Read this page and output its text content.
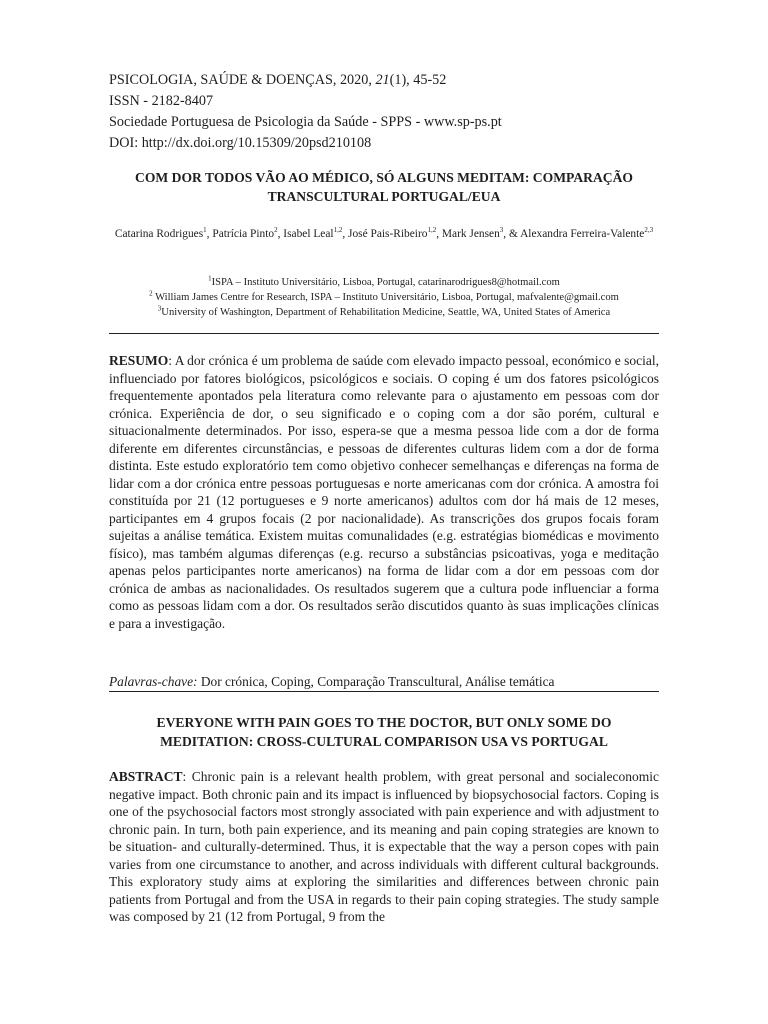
PSICOLOGIA, SAÚDE & DOENÇAS, 2020, 21(1), 45-52
ISSN - 2182-8407
Sociedade Portuguesa de Psicologia da Saúde - SPPS - www.sp-ps.pt
DOI: http://dx.doi.org/10.15309/20psd210108
COM DOR TODOS VÃO AO MÉDICO, SÓ ALGUNS MEDITAM: COMPARAÇÃO
TRANSCULTURAL PORTUGAL/EUA
Catarina Rodrigues$^1$, Patrícia Pinto$^2$, Isabel Leal$^{1,2}$, José Pais-Ribeiro$^{1,2}$, Mark Jensen$^3$, & Alexandra Ferreira-Valente$^{2,3}$
$^1$ISPA – Instituto Universitário, Lisboa, Portugal, catarinarodrigues8@hotmail.com
$^2$ William James Centre for Research, ISPA – Instituto Universitário, Lisboa, Portugal, mafvalente@gmail.com
$^3$University of Washington, Department of Rehabilitation Medicine, Seattle, WA, United States of America
RESUMO: A dor crónica é um problema de saúde com elevado impacto pessoal, económico e social, influenciado por fatores biológicos, psicológicos e sociais. O coping é um dos fatores psicológicos frequentemente apontados pela literatura como relevante para o ajustamento em pessoas com dor crónica. Experiência de dor, o seu significado e o coping com a dor são porém, cultural e situacionalmente determinados. Por isso, espera-se que a mesma pessoa lide com a dor de forma diferente em diferentes circunstâncias, e pessoas de diferentes culturas lidem com a dor de forma distinta. Este estudo exploratório tem como objetivo conhecer semelhanças e diferenças na forma de lidar com a dor crónica entre pessoas portuguesas e norte americanas com dor crónica. A amostra foi constituída por 21 (12 portugueses e 9 norte americanos) adultos com dor há mais de 12 meses, participantes em 4 grupos focais (2 por nacionalidade). As transcrições dos grupos focais foram sujeitas a análise temática. Existem muitas comunalidades (e.g. estratégias biomédicas e movimento físico), mas também algumas diferenças (e.g. recurso a substâncias psicoativas, yoga e meditação apenas pelos participantes norte americanos) na forma de lidar com a dor em pessoas com dor crónica de ambas as nacionalidades. Os resultados sugerem que a cultura pode influenciar a forma como as pessoas lidam com a dor. Os resultados serão discutidos quanto às suas implicações clínicas e para a investigação.
Palavras-chave: Dor crónica, Coping, Comparação Transcultural, Análise temática
EVERYONE WITH PAIN GOES TO THE DOCTOR, BUT ONLY SOME DO
MEDITATION: CROSS-CULTURAL COMPARISON USA VS PORTUGAL
ABSTRACT: Chronic pain is a relevant health problem, with great personal and socialeconomic negative impact. Both chronic pain and its impact is influenced by biopsychosocial factors. Coping is one of the psychosocial factors most strongly associated with pain experience and with adjustment to chronic pain. In turn, both pain experience, and its meaning and pain coping strategies are known to be situation- and culturally-determined. Thus, it is expectable that the way a person copes with pain varies from one circumstance to another, and across individuals with different cultural backgrounds. This exploratory study aims at exploring the similarities and differences between chronic pain patients from Portugal and from the USA in regards to their pain coping strategies. The study sample was composed by 21 (12 from Portugal, 9 from the
